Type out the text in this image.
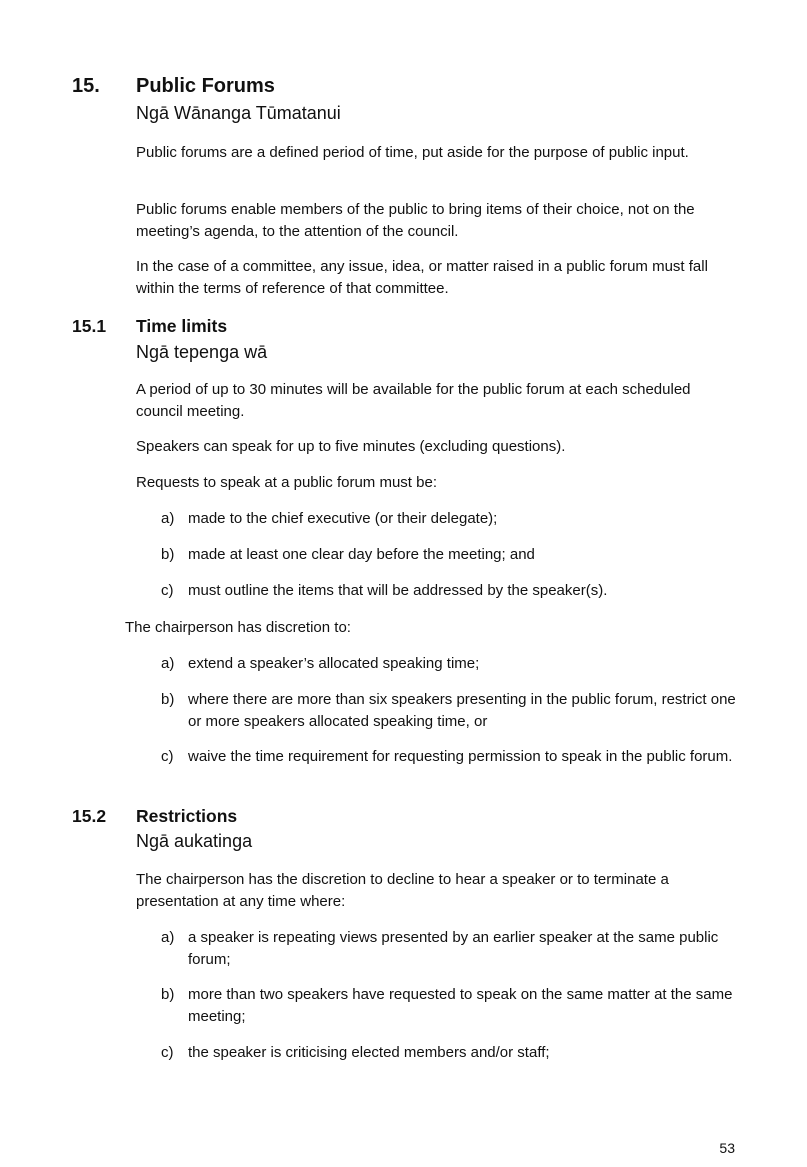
15. Public Forums
Ngā Wānanga Tūmatanui
Public forums are a defined period of time, put aside for the purpose of public input.
Public forums enable members of the public to bring items of their choice, not on the meeting’s agenda, to the attention of the council.
In the case of a committee, any issue, idea, or matter raised in a public forum must fall within the terms of reference of that committee.
15.1 Time limits
Ngā tepenga wā
A period of up to 30 minutes will be available for the public forum at each scheduled council meeting.
Speakers can speak for up to five minutes (excluding questions).
Requests to speak at a public forum must be:
a) made to the chief executive (or their delegate);
b) made at least one clear day before the meeting; and
c) must outline the items that will be addressed by the speaker(s).
The chairperson has discretion to:
a) extend a speaker’s allocated speaking time;
b) where there are more than six speakers presenting in the public forum, restrict one or more speakers allocated speaking time, or
c) waive the time requirement for requesting permission to speak in the public forum.
15.2 Restrictions
Ngā aukatinga
The chairperson has the discretion to decline to hear a speaker or to terminate a presentation at any time where:
a) a speaker is repeating views presented by an earlier speaker at the same public forum;
b) more than two speakers have requested to speak on the same matter at the same meeting;
c) the speaker is criticising elected members and/or staff;
53
